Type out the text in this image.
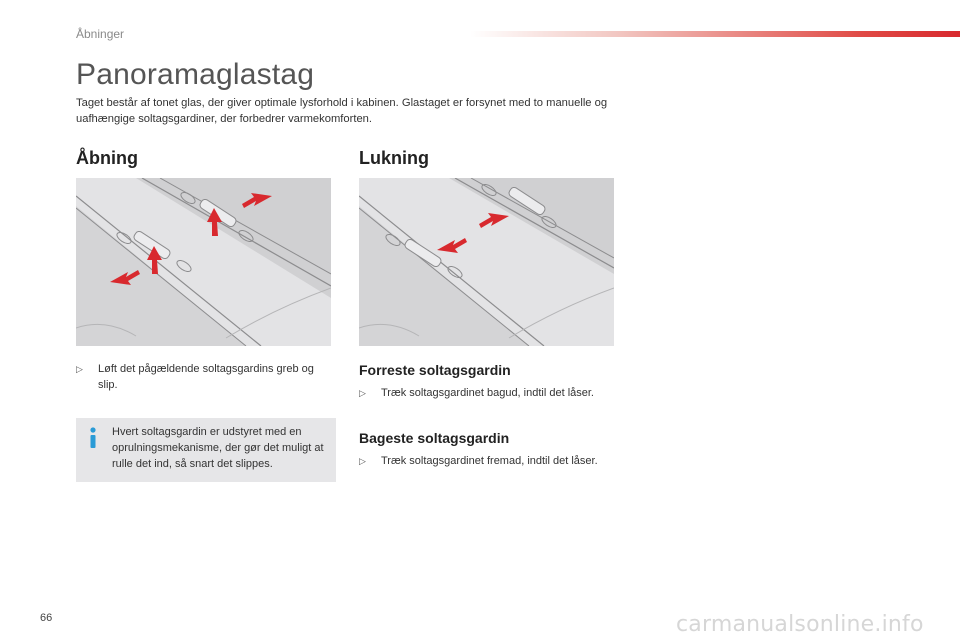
Åbninger
Panoramaglastag
Taget består af tonet glas, der giver optimale lysforhold i kabinen. Glastaget er forsynet med to manuelle og uafhængige soltagsgardiner, der forbedrer varmekomforten.
Åbning	Lukning
▷	Løft det pågældende soltagsgardins greb og slip.
Hvert soltagsgardin er udstyret med en oprulningsmekanisme, der gør det muligt at rulle det ind, så snart det slippes.
Forreste soltagsgardin
▷	Træk soltagsgardinet bagud, indtil det låser.
Bageste soltagsgardin
▷	Træk soltagsgardinet fremad, indtil det låser.
66	carmanualsonline.info
